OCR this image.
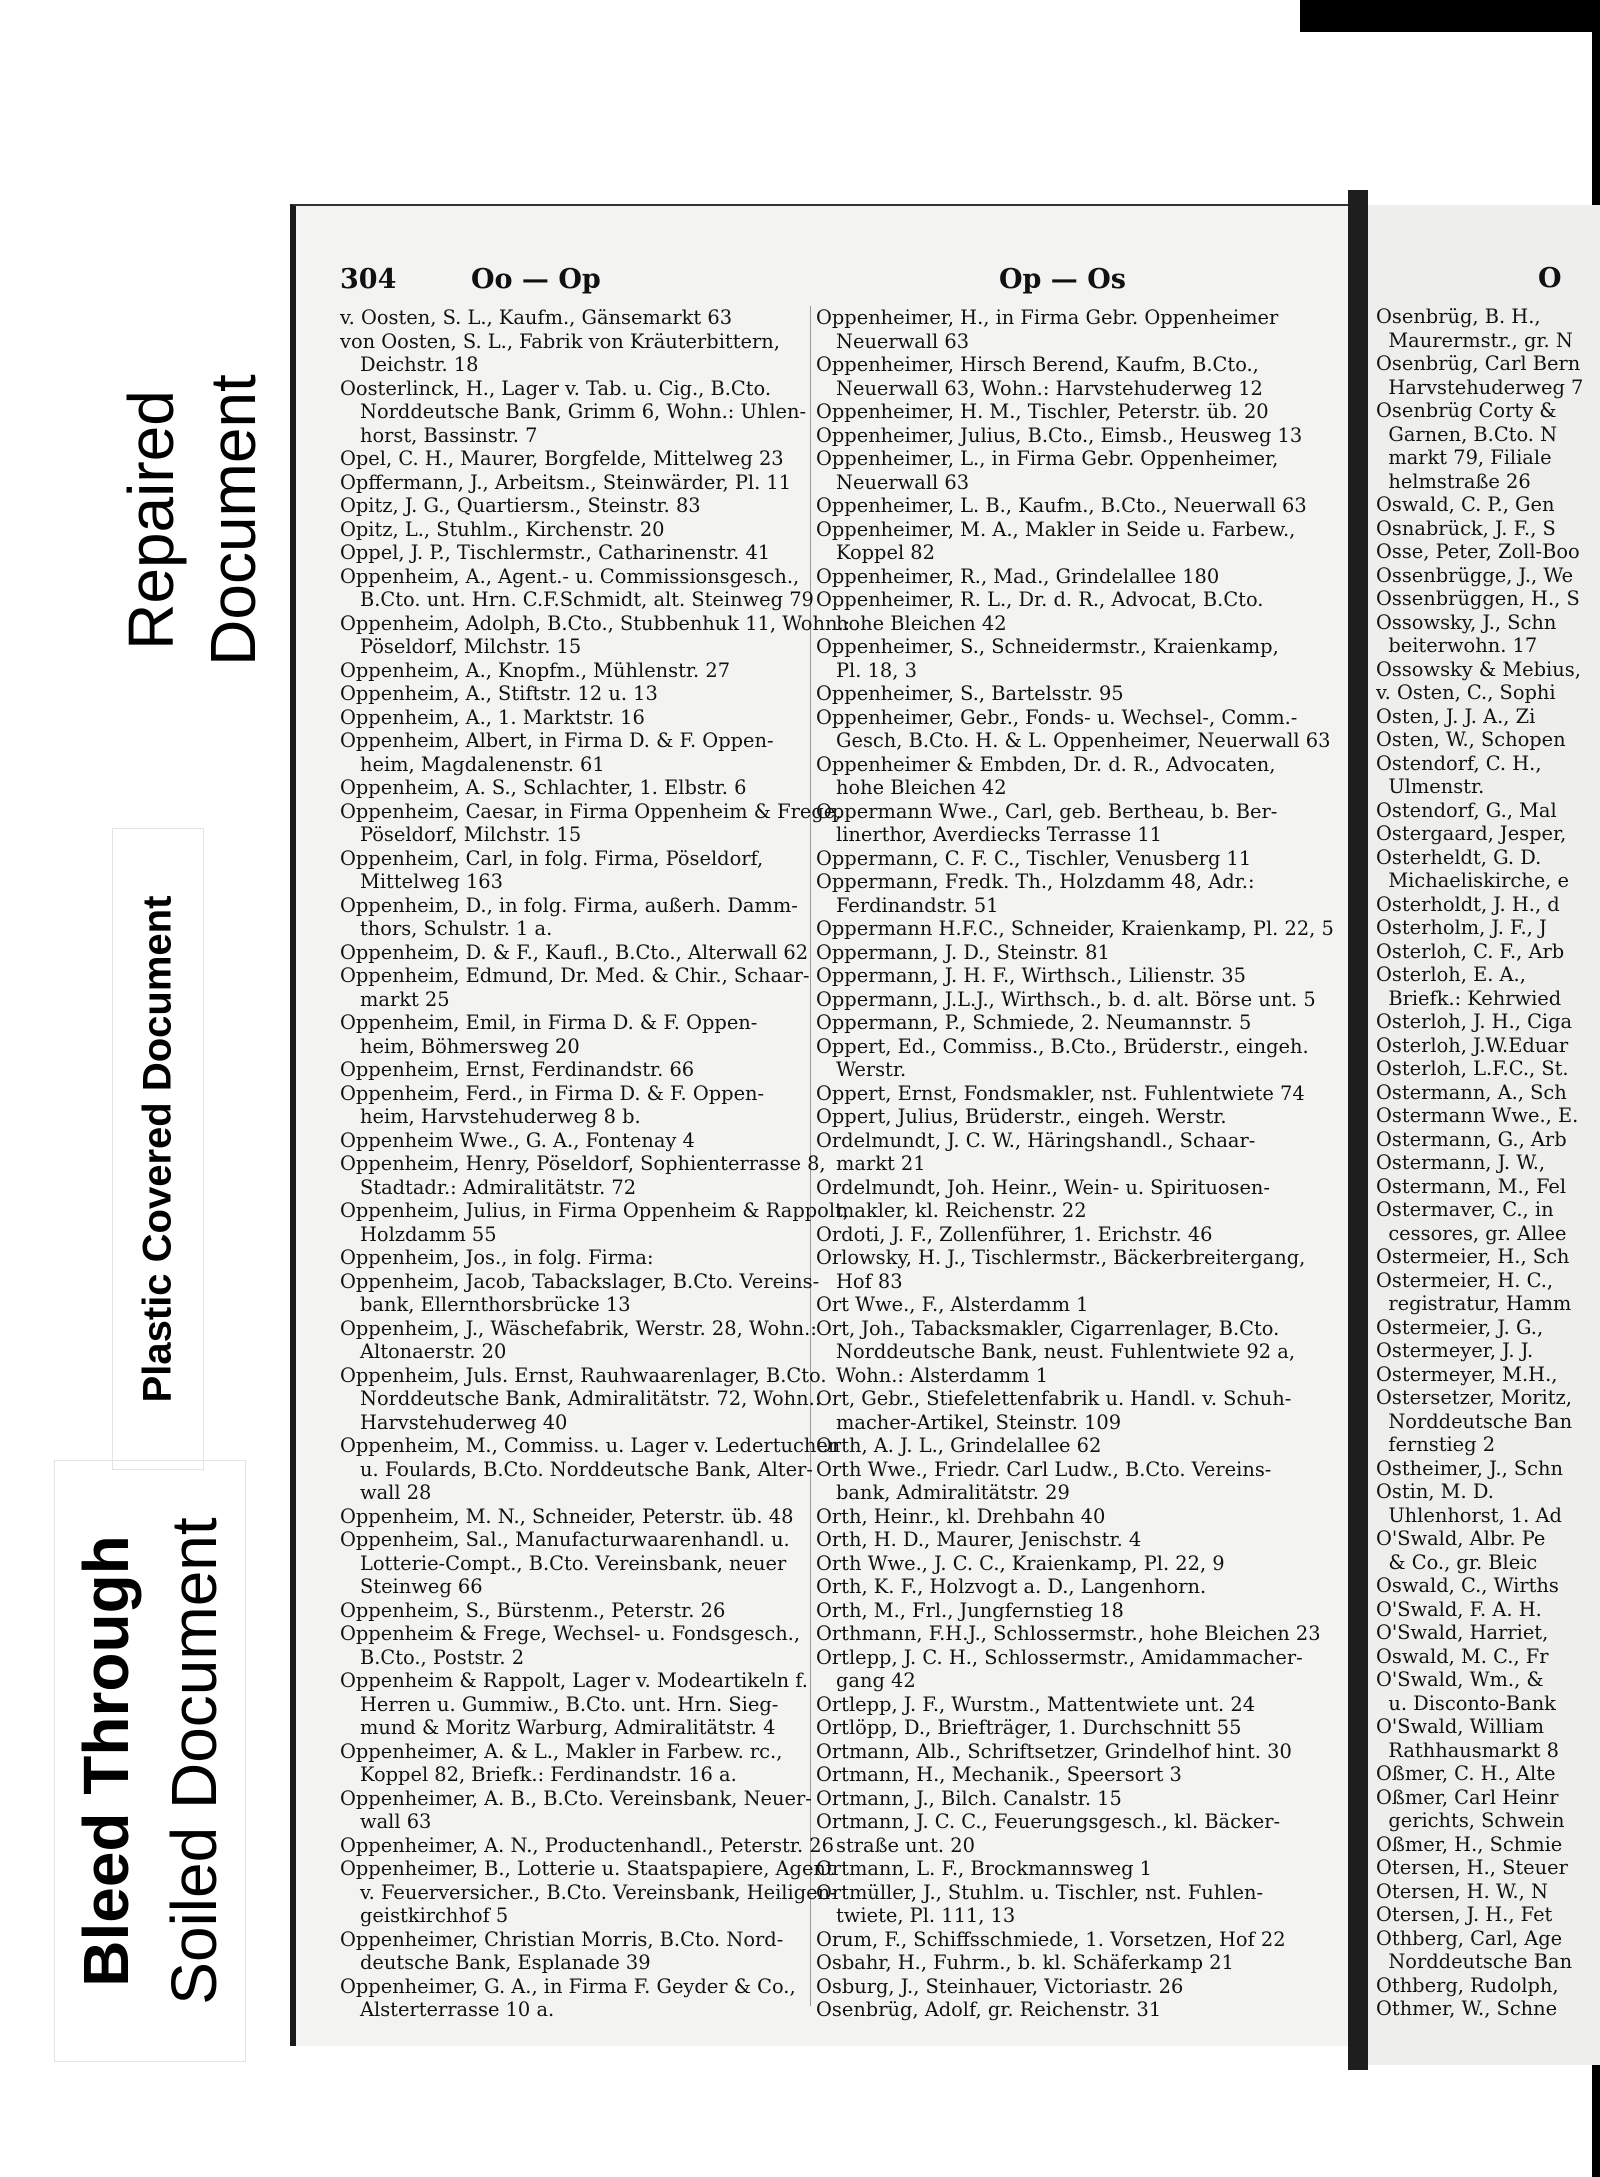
Repaired Document
Plastic Covered Document
Bleed Through Soiled Document
304	Oo — Op	Op — Os
v. Oosten, S. L., Kaufm., Gänsemarkt 63
von Oosten, S. L., Fabrik von Kräuterbittern,
Deichstr. 18
Oosterlinck, H., Lager v. Tab. u. Cig., B.Cto.
Norddeutsche Bank, Grimm 6, Wohn.: Uhlen-
horst, Bassinstr. 7
Opel, C. H., Maurer, Borgfelde, Mittelweg 23
Opffermann, J., Arbeitsm., Steinwärder, Pl. 11
Opitz, J. G., Quartiersm., Steinstr. 83
Opitz, L., Stuhlm., Kirchenstr. 20
Oppel, J. P., Tischlermstr., Catharinenstr. 41
Oppenheim, A., Agent.- u. Commissionsgesch.,
B.Cto. unt. Hrn. C.F.Schmidt, alt. Steinweg 79
Oppenheim, Adolph, B.Cto., Stubbenhuk 11, Wohn.:
Pöseldorf, Milchstr. 15
Oppenheim, A., Knopfm., Mühlenstr. 27
Oppenheim, A., Stiftstr. 12 u. 13
Oppenheim, A., 1. Marktstr. 16
Oppenheim, Albert, in Firma D. & F. Oppen-
heim, Magdalenenstr. 61
Oppenheim, A. S., Schlachter, 1. Elbstr. 6
Oppenheim, Caesar, in Firma Oppenheim & Frege,
Pöseldorf, Milchstr. 15
Oppenheim, Carl, in folg. Firma, Pöseldorf,
Mittelweg 163
Oppenheim, D., in folg. Firma, außerh. Damm-
thors, Schulstr. 1 a.
Oppenheim, D. & F., Kaufl., B.Cto., Alterwall 62
Oppenheim, Edmund, Dr. Med. & Chir., Schaar-
markt 25
Oppenheim, Emil, in Firma D. & F. Oppen-
heim, Böhmersweg 20
Oppenheim, Ernst, Ferdinandstr. 66
Oppenheim, Ferd., in Firma D. & F. Oppen-
heim, Harvstehuderweg 8 b.
Oppenheim Wwe., G. A., Fontenay 4
Oppenheim, Henry, Pöseldorf, Sophienterrasse 8,
Stadtadr.: Admiralitätstr. 72
Oppenheim, Julius, in Firma Oppenheim & Rappolt,
Holzdamm 55
Oppenheim, Jos., in folg. Firma:
Oppenheim, Jacob, Tabackslager, B.Cto. Vereins-
bank, Ellernthorsbrücke 13
Oppenheim, J., Wäschefabrik, Werstr. 28, Wohn.:
Altonaerstr. 20
Oppenheim, Juls. Ernst, Rauhwaarenlager, B.Cto.
Norddeutsche Bank, Admiralitätstr. 72, Wohn.:
Harvstehuderweg 40
Oppenheim, M., Commiss. u. Lager v. Ledertuchen
u. Foulards, B.Cto. Norddeutsche Bank, Alter-
wall 28
Oppenheim, M. N., Schneider, Peterstr. üb. 48
Oppenheim, Sal., Manufacturwaarenhandl. u.
Lotterie-Compt., B.Cto. Vereinsbank, neuer
Steinweg 66
Oppenheim, S., Bürstenm., Peterstr. 26
Oppenheim & Frege, Wechsel- u. Fondsgesch.,
B.Cto., Poststr. 2
Oppenheim & Rappolt, Lager v. Modeartikeln f.
Herren u. Gummiw., B.Cto. unt. Hrn. Sieg-
mund & Moritz Warburg, Admiralitätstr. 4
Oppenheimer, A. & L., Makler in Farbew. rc.,
Koppel 82, Briefk.: Ferdinandstr. 16 a.
Oppenheimer, A. B., B.Cto. Vereinsbank, Neuer-
wall 63
Oppenheimer, A. N., Productenhandl., Peterstr. 26
Oppenheimer, B., Lotterie u. Staatspapiere, Agent
v. Feuerversicher., B.Cto. Vereinsbank, Heiligen-
geistkirchhof 5
Oppenheimer, Christian Morris, B.Cto. Nord-
deutsche Bank, Esplanade 39
Oppenheimer, G. A., in Firma F. Geyder & Co.,
Alsterterrasse 10 a.
Oppenheimer, H., in Firma Gebr. Oppenheimer
Neuerwall 63
Oppenheimer, Hirsch Berend, Kaufm, B.Cto.,
Neuerwall 63, Wohn.: Harvstehuderweg 12
Oppenheimer, H. M., Tischler, Peterstr. üb. 20
Oppenheimer, Julius, B.Cto., Eimsb., Heusweg 13
Oppenheimer, L., in Firma Gebr. Oppenheimer,
Neuerwall 63
Oppenheimer, L. B., Kaufm., B.Cto., Neuerwall 63
Oppenheimer, M. A., Makler in Seide u. Farbew.,
Koppel 82
Oppenheimer, R., Mad., Grindelallee 180
Oppenheimer, R. L., Dr. d. R., Advocat, B.Cto.
hohe Bleichen 42
Oppenheimer, S., Schneidermstr., Kraienkamp,
Pl. 18, 3
Oppenheimer, S., Bartelsstr. 95
Oppenheimer, Gebr., Fonds- u. Wechsel-, Comm.-
Gesch, B.Cto. H. & L. Oppenheimer, Neuerwall 63
Oppenheimer & Embden, Dr. d. R., Advocaten,
hohe Bleichen 42
Oppermann Wwe., Carl, geb. Bertheau, b. Ber-
linerthor, Averdiecks Terrasse 11
Oppermann, C. F. C., Tischler, Venusberg 11
Oppermann, Fredk. Th., Holzdamm 48, Adr.:
Ferdinandstr. 51
Oppermann H.F.C., Schneider, Kraienkamp, Pl. 22, 5
Oppermann, J. D., Steinstr. 81
Oppermann, J. H. F., Wirthsch., Lilienstr. 35
Oppermann, J.L.J., Wirthsch., b. d. alt. Börse unt. 5
Oppermann, P., Schmiede, 2. Neumannstr. 5
Oppert, Ed., Commiss., B.Cto., Brüderstr., eingeh.
Werstr.
Oppert, Ernst, Fondsmakler, nst. Fuhlentwiete 74
Oppert, Julius, Brüderstr., eingeh. Werstr.
Ordelmundt, J. C. W., Häringshandl., Schaar-
markt 21
Ordelmundt, Joh. Heinr., Wein- u. Spirituosen-
makler, kl. Reichenstr. 22
Ordoti, J. F., Zollenführer, 1. Erichstr. 46
Orlowsky, H. J., Tischlermstr., Bäckerbreitergang,
Hof 83
Ort Wwe., F., Alsterdamm 1
Ort, Joh., Tabacksmakler, Cigarrenlager, B.Cto.
Norddeutsche Bank, neust. Fuhlentwiete 92 a,
Wohn.: Alsterdamm 1
Ort, Gebr., Stiefelettenfabrik u. Handl. v. Schuh-
macher-Artikel, Steinstr. 109
Orth, A. J. L., Grindelallee 62
Orth Wwe., Friedr. Carl Ludw., B.Cto. Vereins-
bank, Admiralitätstr. 29
Orth, Heinr., kl. Drehbahn 40
Orth, H. D., Maurer, Jenischstr. 4
Orth Wwe., J. C. C., Kraienkamp, Pl. 22, 9
Orth, K. F., Holzvogt a. D., Langenhorn.
Orth, M., Frl., Jungfernstieg 18
Orthmann, F.H.J., Schlossermstr., hohe Bleichen 23
Ortlepp, J. C. H., Schlossermstr., Amidammacher-
gang 42
Ortlepp, J. F., Wurstm., Mattentwiete unt. 24
Ortlöpp, D., Briefträger, 1. Durchschnitt 55
Ortmann, Alb., Schriftsetzer, Grindelhof hint. 30
Ortmann, H., Mechanik., Speersort 3
Ortmann, J., Bilch. Canalstr. 15
Ortmann, J. C. C., Feuerungsgesch., kl. Bäcker-
straße unt. 20
Ortmann, L. F., Brockmannsweg 1
Ortmüller, J., Stuhlm. u. Tischler, nst. Fuhlen-
twiete, Pl. 111, 13
Orum, F., Schiffsschmiede, 1. Vorsetzen, Hof 22
Osbahr, H., Fuhrm., b. kl. Schäferkamp 21
Osburg, J., Steinhauer, Victoriastr. 26
Osenbrüg, Adolf, gr. Reichenstr. 31
O
Osenbrüg, B. H.,
Maurermstr., gr. N
Osenbrüg, Carl Bern
Harvstehuderweg 7
Osenbrüg Corty &
Garnen, B.Cto. N
markt 79, Filiale
helmstraße 26
Oswald, C. P., Gen
Osnabrück, J. F., S
Osse, Peter, Zoll-Boo
Ossenbrügge, J., We
Ossenbrüggen, H., S
Ossowsky, J., Schn
beiterwohn. 17
Ossowsky & Mebius,
v. Osten, C., Sophi
Osten, J. J. A., Zi
Osten, W., Schopen
Ostendorf, C. H.,
Ulmenstr.
Ostendorf, G., Mal
Ostergaard, Jesper,
Osterheldt, G. D.
Michaeliskirche, e
Osterholdt, J. H., d
Osterholm, J. F., J
Osterloh, C. F., Arb
Osterloh, E. A.,
Briefk.: Kehrwied
Osterloh, J. H., Ciga
Osterloh, J.W.Eduar
Osterloh, L.F.C., St.
Ostermann, A., Sch
Ostermann Wwe., E.
Ostermann, G., Arb
Ostermann, J. W.,
Ostermann, M., Fel
Ostermaver, C., in
cessores, gr. Allee
Ostermeier, H., Sch
Ostermeier, H. C.,
registratur, Hamm
Ostermeier, J. G.,
Ostermeyer, J. J.
Ostermeyer, M.H.,
Ostersetzer, Moritz,
Norddeutsche Ban
fernstieg 2
Ostheimer, J., Schn
Ostin, M. D.
Uhlenhorst, 1. Ad
O'Swald, Albr. Pe
& Co., gr. Bleic
Oswald, C., Wirths
O'Swald, F. A. H.
O'Swald, Harriet,
Oswald, M. C., Fr
O'Swald, Wm., &
u. Disconto-Bank
O'Swald, William
Rathhausmarkt 8
Oßmer, C. H., Alte
Oßmer, Carl Heinr
gerichts, Schwein
Oßmer, H., Schmie
Otersen, H., Steuer
Otersen, H. W., N
Otersen, J. H., Fet
Othberg, Carl, Age
Norddeutsche Ban
Othberg, Rudolph,
Othmer, W., Schne
